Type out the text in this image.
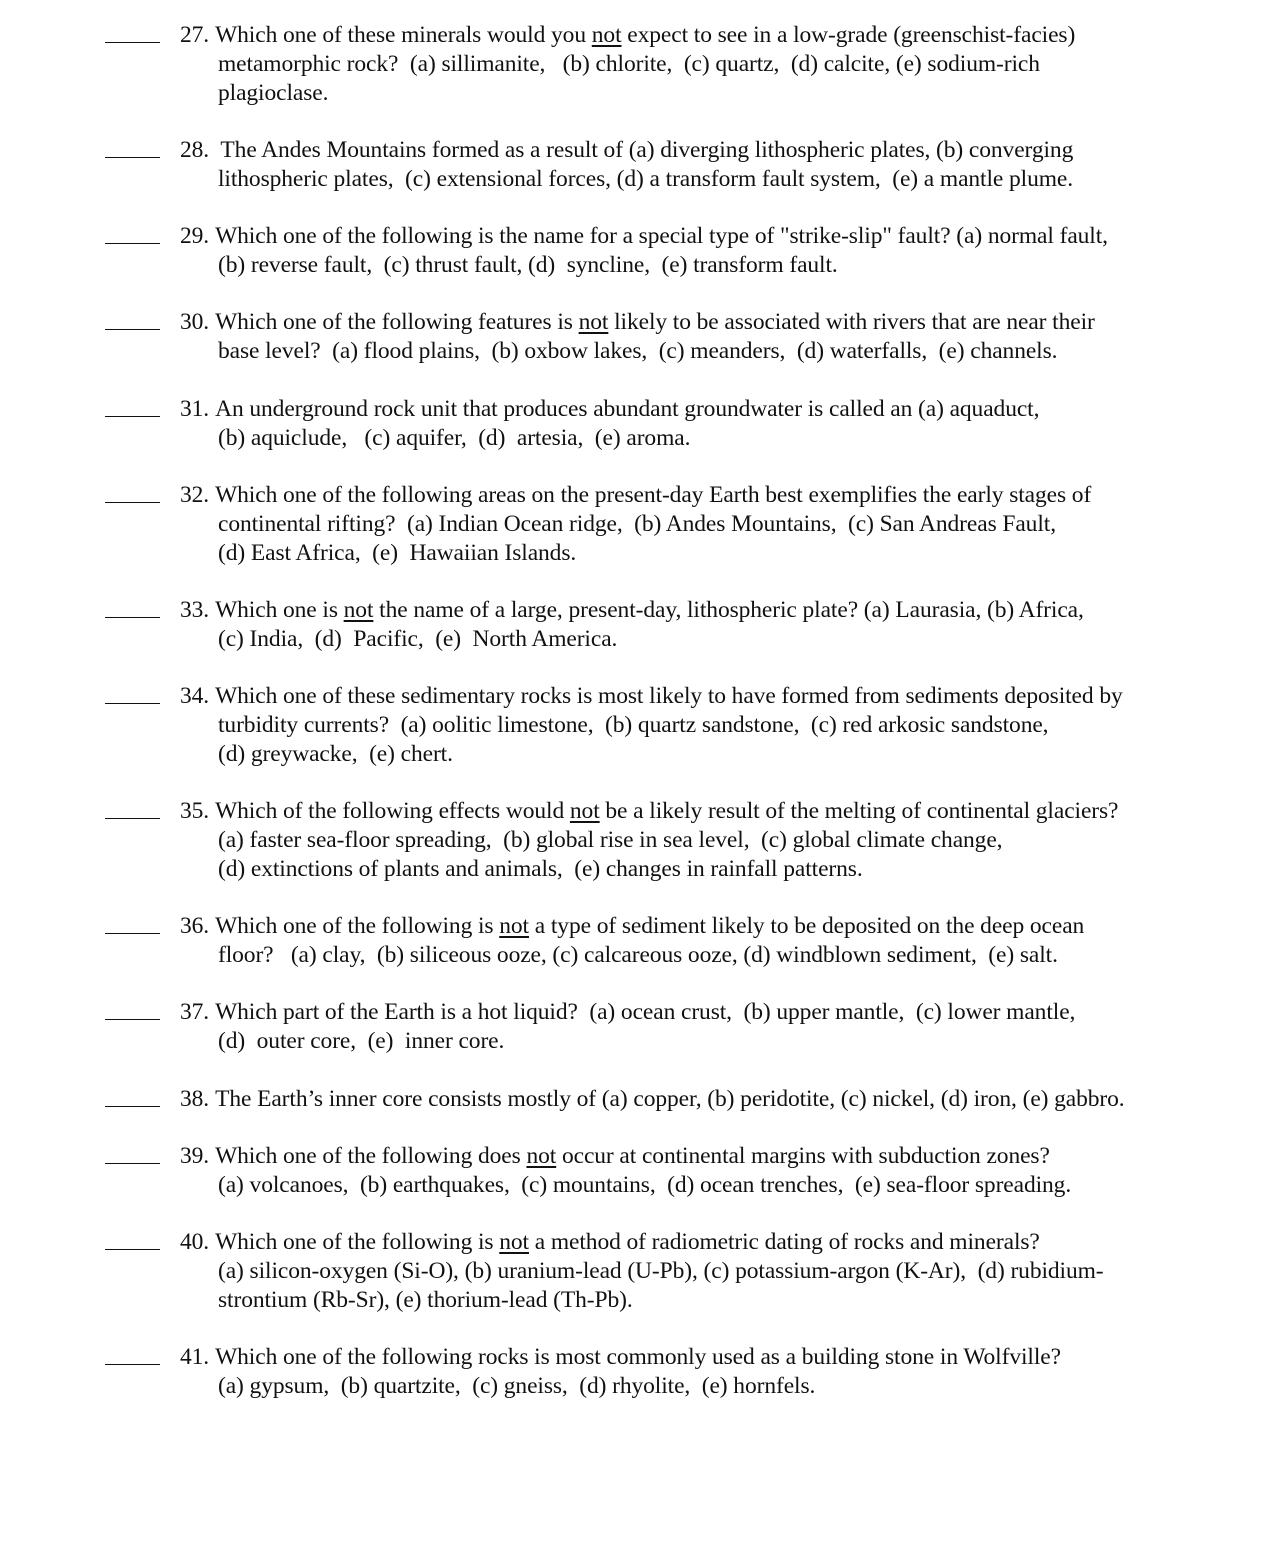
27. Which one of these minerals would you not expect to see in a low-grade (greenschist-facies)
metamorphic rock?  (a) sillimanite,   (b) chlorite,  (c) quartz,  (d) calcite, (e) sodium-rich
plagioclase.
28. The Andes Mountains formed as a result of (a) diverging lithospheric plates, (b) converging
lithospheric plates,  (c) extensional forces, (d) a transform fault system,  (e) a mantle plume.
29. Which one of the following is the name for a special type of "strike-slip" fault? (a) normal fault,
(b) reverse fault,  (c) thrust fault, (d)  syncline,  (e) transform fault.
30. Which one of the following features is not likely to be associated with rivers that are near their
base level?  (a) flood plains,  (b) oxbow lakes,  (c) meanders,  (d) waterfalls,  (e) channels.
31. An underground rock unit that produces abundant groundwater is called an (a) aquaduct,
(b) aquiclude,   (c) aquifer,  (d)  artesia,  (e) aroma.
32. Which one of the following areas on the present-day Earth best exemplifies the early stages of
continental rifting?  (a) Indian Ocean ridge,  (b) Andes Mountains,  (c) San Andreas Fault,
(d) East Africa,  (e)  Hawaiian Islands.
33. Which one is not the name of a large, present-day, lithospheric plate? (a) Laurasia, (b) Africa,
(c) India,  (d)  Pacific,  (e)  North America.
34. Which one of these sedimentary rocks is most likely to have formed from sediments deposited by
turbidity currents?  (a) oolitic limestone,  (b) quartz sandstone,  (c) red arkosic sandstone,
(d) greywacke,  (e) chert.
35. Which of the following effects would not be a likely result of the melting of continental glaciers?
(a) faster sea-floor spreading,  (b) global rise in sea level,  (c) global climate change,
(d) extinctions of plants and animals,  (e) changes in rainfall patterns.
36. Which one of the following is not a type of sediment likely to be deposited on the deep ocean
floor?   (a) clay,  (b) siliceous ooze, (c) calcareous ooze, (d) windblown sediment,  (e) salt.
37. Which part of the Earth is a hot liquid?  (a) ocean crust,  (b) upper mantle,  (c) lower mantle,
(d)  outer core,  (e)  inner core.
38. The Earth’s inner core consists mostly of (a) copper, (b) peridotite, (c) nickel, (d) iron, (e) gabbro.
39. Which one of the following does not occur at continental margins with subduction zones?
(a) volcanoes,  (b) earthquakes,  (c) mountains,  (d) ocean trenches,  (e) sea-floor spreading.
40. Which one of the following is not a method of radiometric dating of rocks and minerals?
(a) silicon-oxygen (Si-O), (b) uranium-lead (U-Pb), (c) potassium-argon (K-Ar),  (d) rubidium-
strontium (Rb-Sr), (e) thorium-lead (Th-Pb).
41. Which one of the following rocks is most commonly used as a building stone in Wolfville?
(a) gypsum,  (b) quartzite,  (c) gneiss,  (d) rhyolite,  (e) hornfels.
